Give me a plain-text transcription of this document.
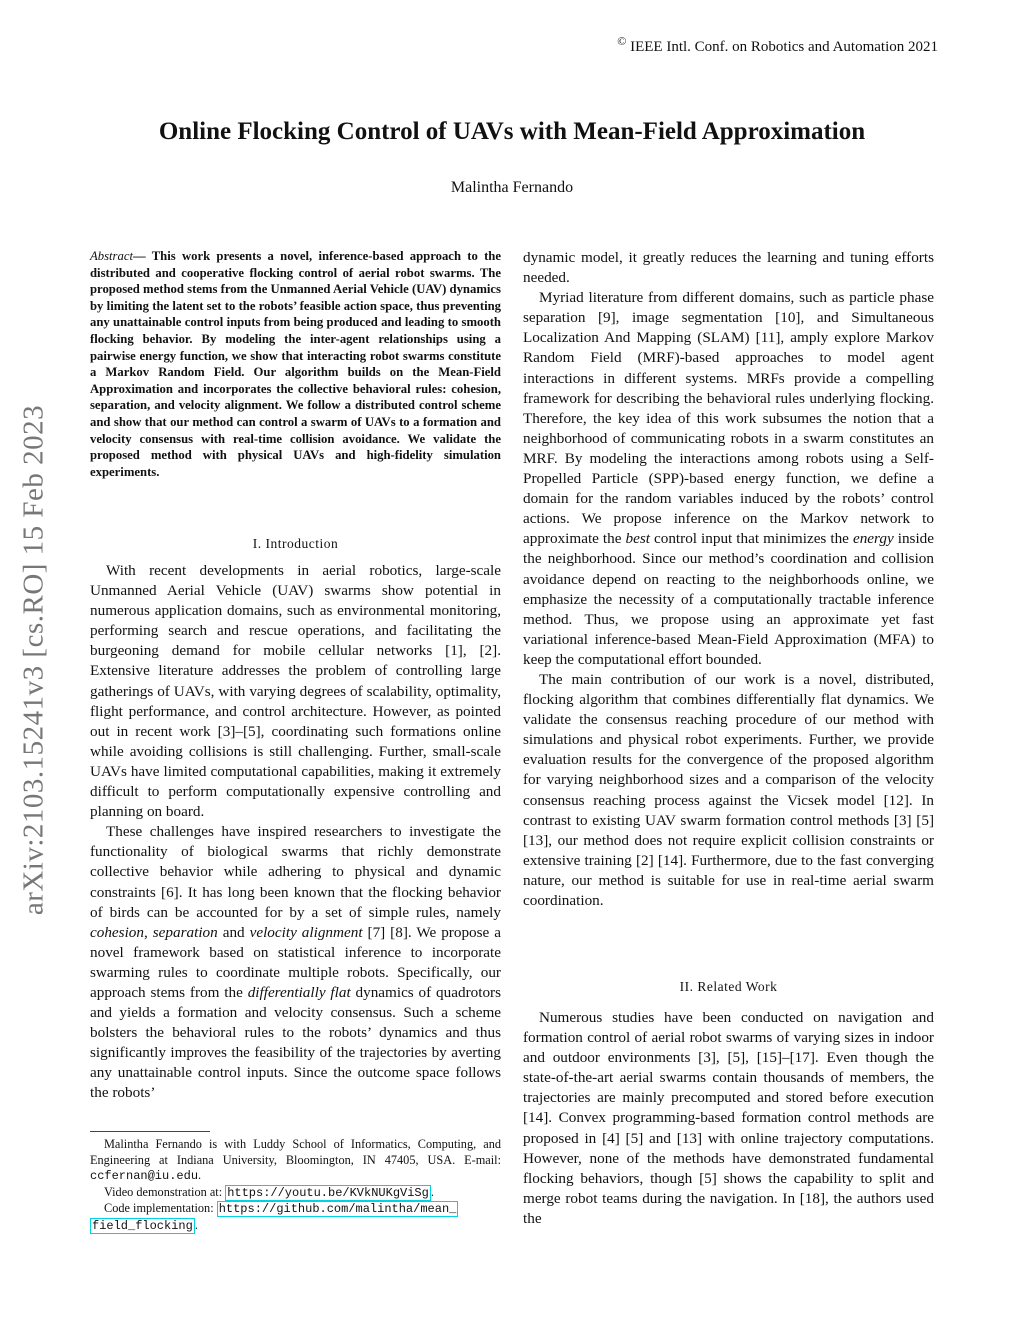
© IEEE Intl. Conf. on Robotics and Automation 2021
Online Flocking Control of UAVs with Mean-Field Approximation
Malintha Fernando
arXiv:2103.15241v3 [cs.RO] 15 Feb 2023
Abstract— This work presents a novel, inference-based approach to the distributed and cooperative flocking control of aerial robot swarms. The proposed method stems from the Unmanned Aerial Vehicle (UAV) dynamics by limiting the latent set to the robots’ feasible action space, thus preventing any unattainable control inputs from being produced and leading to smooth flocking behavior. By modeling the inter-agent relationships using a pairwise energy function, we show that interacting robot swarms constitute a Markov Random Field. Our algorithm builds on the Mean-Field Approximation and incorporates the collective behavioral rules: cohesion, separation, and velocity alignment. We follow a distributed control scheme and show that our method can control a swarm of UAVs to a formation and velocity consensus with real-time collision avoidance. We validate the proposed method with physical UAVs and high-fidelity simulation experiments.
I. Introduction

With recent developments in aerial robotics, large-scale Unmanned Aerial Vehicle (UAV) swarms show potential in numerous application domains, such as environmental monitoring, performing search and rescue operations, and facilitating the burgeoning demand for mobile cellular networks [1], [2]. Extensive literature addresses the problem of controlling large gatherings of UAVs, with varying degrees of scalability, optimality, flight performance, and control architecture. However, as pointed out in recent work [3]–[5], coordinating such formations online while avoiding collisions is still challenging. Further, small-scale UAVs have limited computational capabilities, making it extremely difficult to perform computationally expensive controlling and planning on board.

These challenges have inspired researchers to investigate the functionality of biological swarms that richly demonstrate collective behavior while adhering to physical and dynamic constraints [6]. It has long been known that the flocking behavior of birds can be accounted for by a set of simple rules, namely cohesion, separation and velocity alignment [7] [8]. We propose a novel framework based on statistical inference to incorporate swarming rules to coordinate multiple robots. Specifically, our approach stems from the differentially flat dynamics of quadrotors and yields a formation and velocity consensus. Such a scheme bolsters the behavioral rules to the robots’ dynamics and thus significantly improves the feasibility of the trajectories by averting any unattainable control inputs. Since the outcome space follows the robots’

Malintha Fernando is with Luddy School of Informatics, Computing, and Engineering at Indiana University, Bloomington, IN 47405, USA. E-mail: ccfernan@iu.edu.

Video demonstration at: https://youtu.be/KVkNUKgViSg .

Code implementation: https://github.com/malintha/mean_
field_flocking .

dynamic model, it greatly reduces the learning and tuning efforts needed.

Myriad literature from different domains, such as particle phase separation [9], image segmentation [10], and Simultaneous Localization And Mapping (SLAM) [11], amply explore Markov Random Field (MRF)-based approaches to model agent interactions in different systems. MRFs provide a compelling framework for describing the behavioral rules underlying flocking. Therefore, the key idea of this work subsumes the notion that a neighborhood of communicating robots in a swarm constitutes an MRF. By modeling the interactions among robots using a Self-Propelled Particle (SPP)-based energy function, we define a domain for the random variables induced by the robots’ control actions. We propose inference on the Markov network to approximate the best control input that minimizes the energy inside the neighborhood. Since our method’s coordination and collision avoidance depend on reacting to the neighborhoods online, we emphasize the necessity of a computationally tractable inference method. Thus, we propose using an approximate yet fast variational inference-based Mean-Field Approximation (MFA) to keep the computational effort bounded.

The main contribution of our work is a novel, distributed, flocking algorithm that combines differentially flat dynamics. We validate the consensus reaching procedure of our method with simulations and physical robot experiments. Further, we provide evaluation results for the convergence of the proposed algorithm for varying neighborhood sizes and a comparison of the velocity consensus reaching process against the Vicsek model [12]. In contrast to existing UAV swarm formation control methods [3] [5] [13], our method does not require explicit collision constraints or extensive training [2] [14]. Furthermore, due to the fast converging nature, our method is suitable for use in real-time aerial swarm coordination.

II. Related Work

Numerous studies have been conducted on navigation and formation control of aerial robot swarms of varying sizes in indoor and outdoor environments [3], [5], [15]–[17]. Even though the state-of-the-art aerial swarms contain thousands of members, the trajectories are mainly precomputed and stored before execution [14]. Convex programming-based formation control methods are proposed in [4] [5] and [13] with online trajectory computations. However, none of the methods have demonstrated fundamental flocking behaviors, though [5] shows the capability to split and merge robot teams during the navigation. In [18], the authors used the
